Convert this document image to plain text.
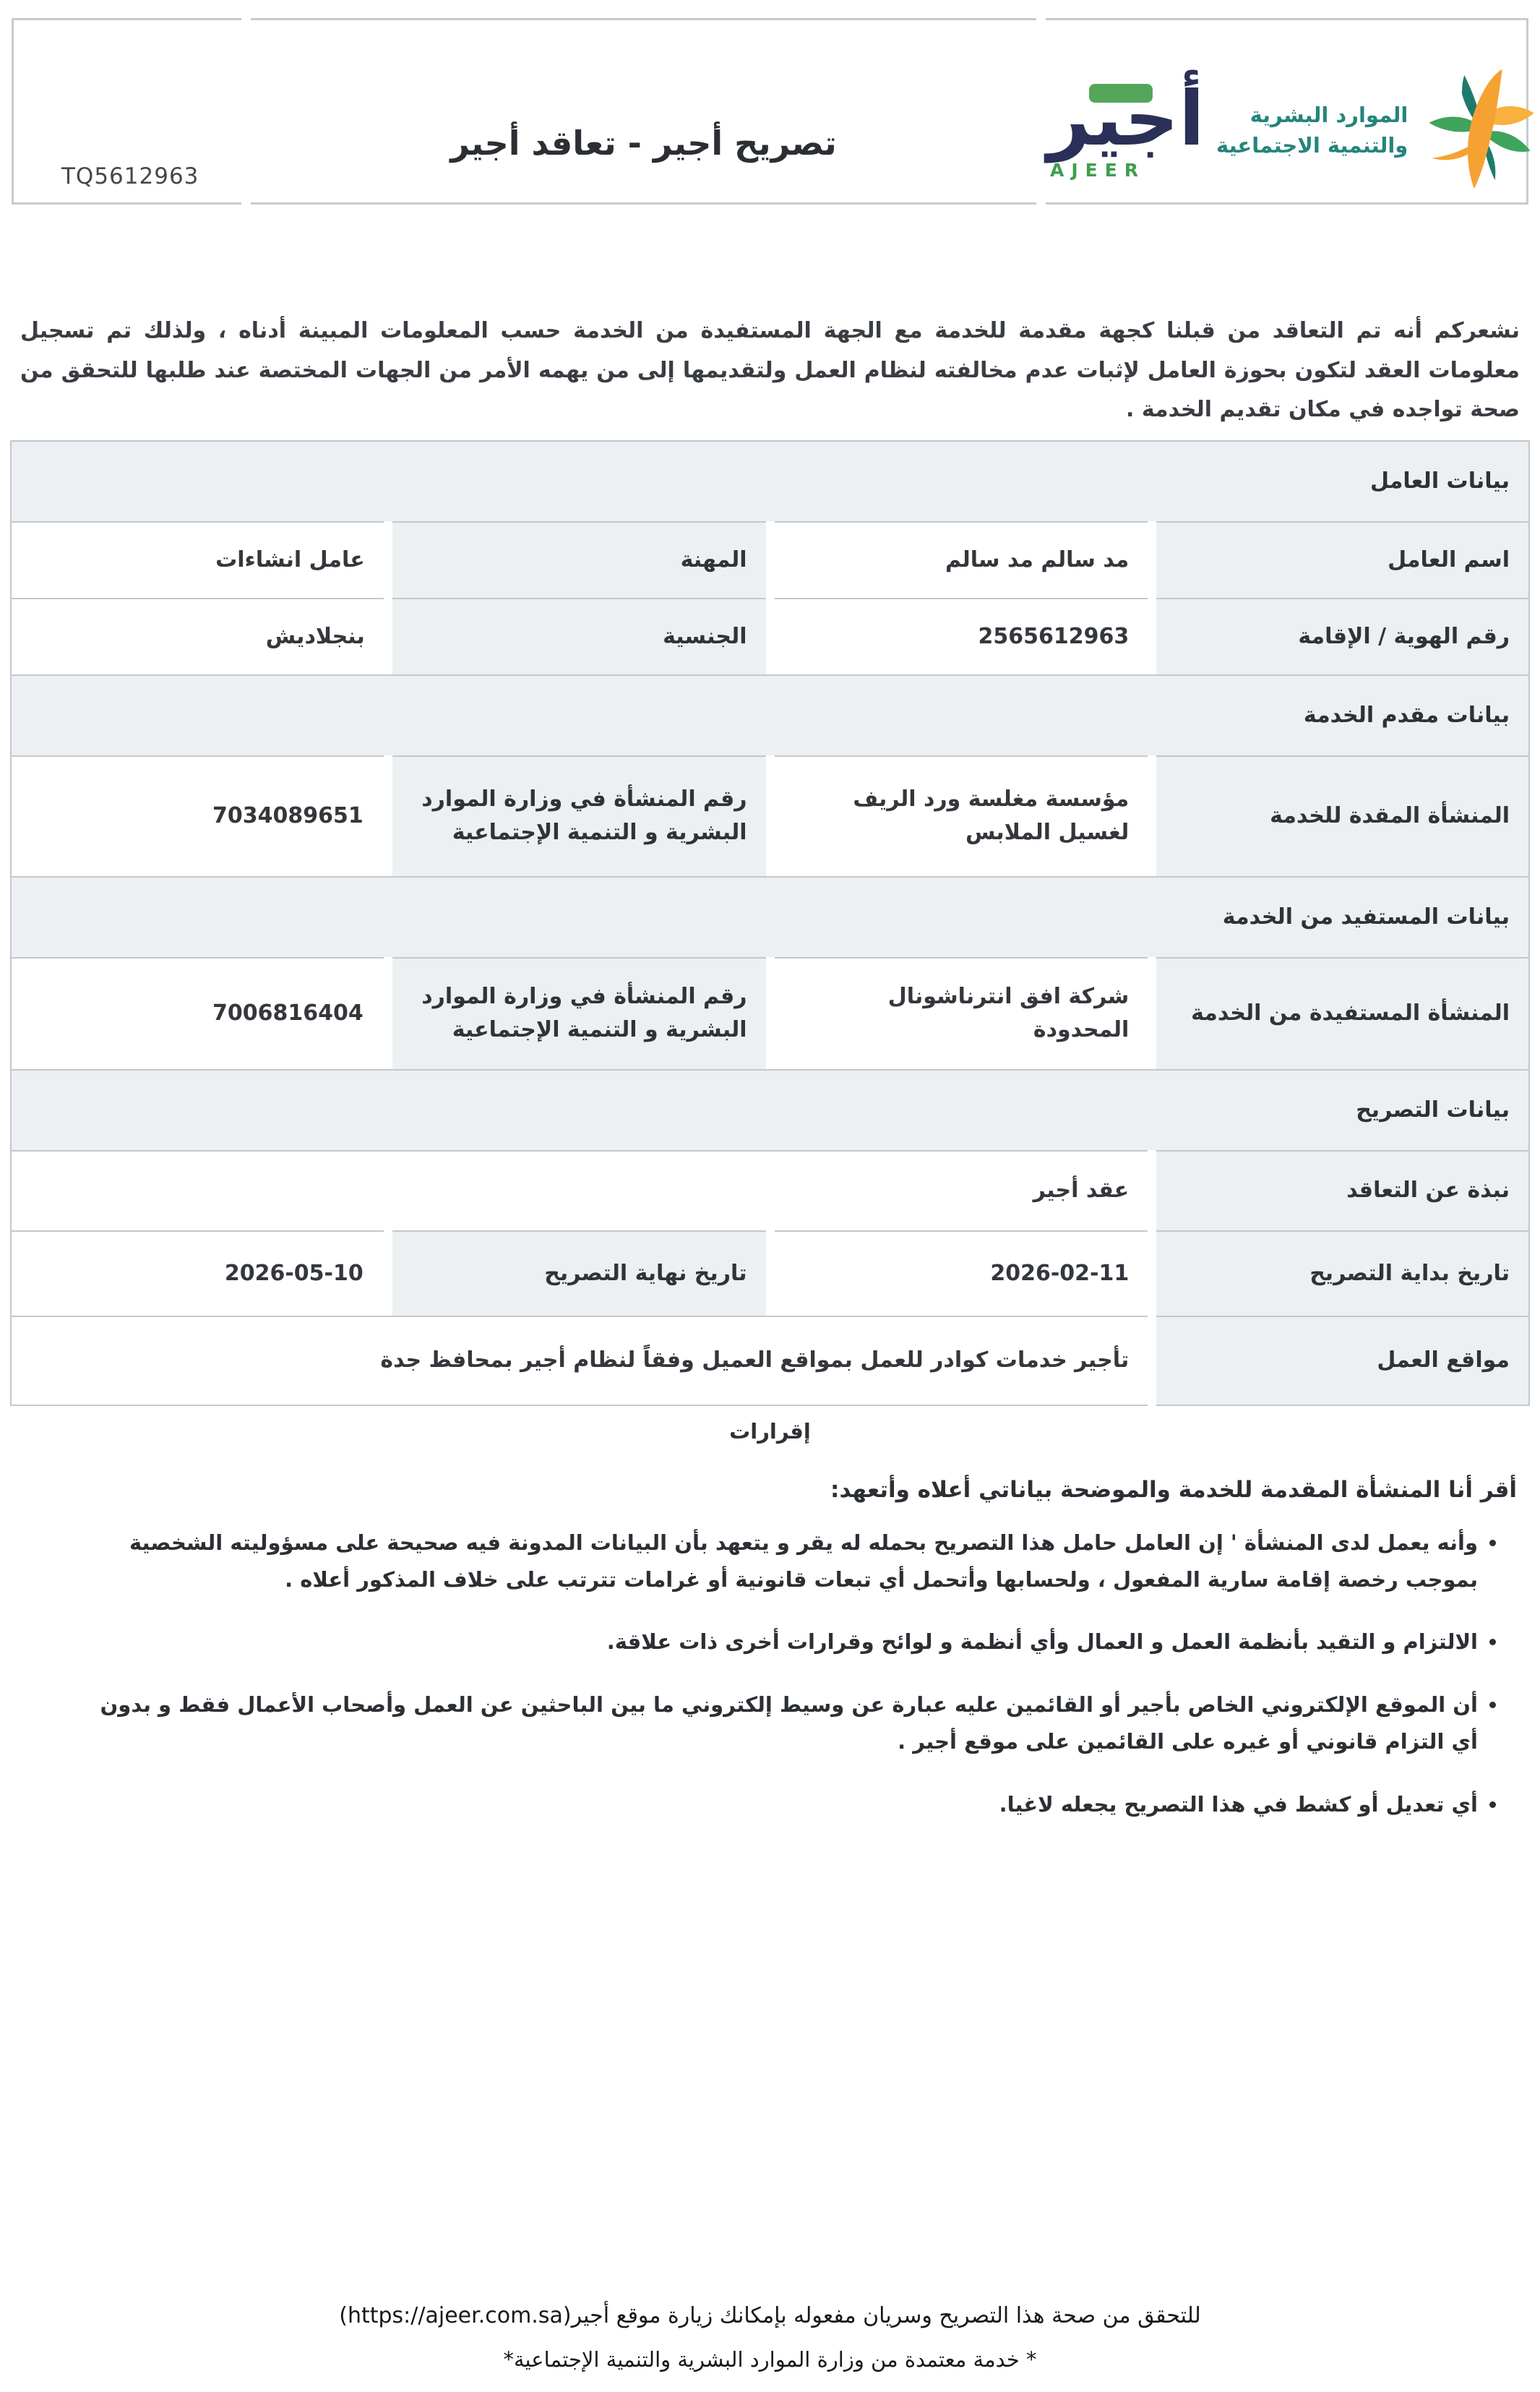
TQ5612963
تصريح أجير - تعاقد أجير	أجير
AJEER
الموارد البشرية
والتنمية الاجتماعية

نشعركم أنه تم التعاقد من قبلنا كجهة مقدمة للخدمة مع الجهة المستفيدة من الخدمة حسب المعلومات المبينة أدناه ، ولذلك تم تسجيل معلومات العقد لتكون بحوزة العامل لإثبات عدم مخالفته لنظام العمل ولتقديمها إلى من يهمه الأمر من الجهات المختصة عند طلبها للتحقق من صحة تواجده في مكان تقديم الخدمة .

بيانات العامل			
اسم العامل	مد سالم مد سالم	المهنة	عامل انشاءات
رقم الهوية / الإقامة	2565612963	الجنسية	بنجلاديش
بيانات مقدم الخدمة			
المنشأة المقدة للخدمة	مؤسسة مغلسة ورد الريف لغسيل الملابس	رقم المنشأة في وزارة الموارد البشرية و التنمية الإجتماعية	7034089651
بيانات المستفيد من الخدمة			
المنشأة المستفيدة من الخدمة	شركة افق انترناشونال المحدودة	رقم المنشأة في وزارة الموارد البشرية و التنمية الإجتماعية	7006816404
بيانات التصريح			
نبذة عن التعاقد	عقد أجير		
تاريخ بداية التصريح	2026-02-11	تاريخ نهاية التصريح	2026-05-10
مواقع العمل	تأجير خدمات كوادر للعمل بمواقع العميل وفقاً لنظام أجير بمحافظ جدة		
إقرارات
أقر أنا المنشأة المقدمة للخدمة والموضحة بياناتي أعلاه وأتعهد:
• وأنه يعمل لدى المنشأة ' إن العامل حامل هذا التصريح بحمله له يقر و يتعهد بأن البيانات المدونة فيه صحيحة على مسؤوليته الشخصية بموجب رخصة إقامة سارية المفعول ، ولحسابها وأتحمل أي تبعات قانونية أو غرامات تترتب على خلاف المذكور أعلاه .
• الالتزام و التقيد بأنظمة العمل و العمال وأي أنظمة و لوائح وقرارات أخرى ذات علاقة.
• أن الموقع الإلكتروني الخاص بأجير أو القائمين عليه عبارة عن وسيط إلكتروني ما بين الباحثين عن العمل وأصحاب الأعمال فقط و بدون أي التزام قانوني أو غيره على القائمين على موقع أجير .
• أي تعديل أو كشط في هذا التصريح يجعله لاغيا.
للتحقق من صحة هذا التصريح وسريان مفعوله بإمكانك زيارة موقع أجير(https://ajeer.com.sa)
* خدمة معتمدة من وزارة الموارد البشرية والتنمية الإجتماعية*
